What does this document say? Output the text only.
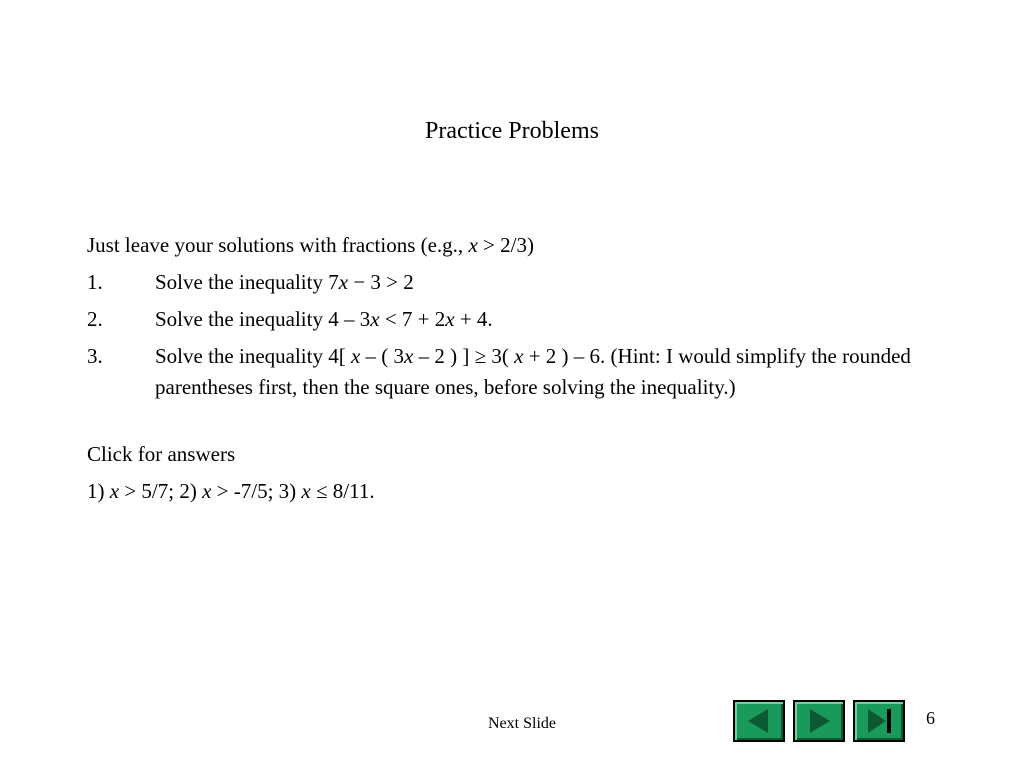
Practice Problems

Just leave your solutions with fractions (e.g., x > 2/3)

1.	Solve the inequality 7x − 3 > 2
2.	Solve the inequality 4 – 3x < 7 + 2x + 4.
3.	Solve the inequality 4[ x – ( 3x – 2 ) ] ≥ 3( x + 2 ) – 6. (Hint: I would simplify the rounded parentheses first, then the square ones, before solving the inequality.)

Click for answers

1) x > 5/7; 2) x > -7/5; 3) x ≤ 8/11.

Next Slide	6
